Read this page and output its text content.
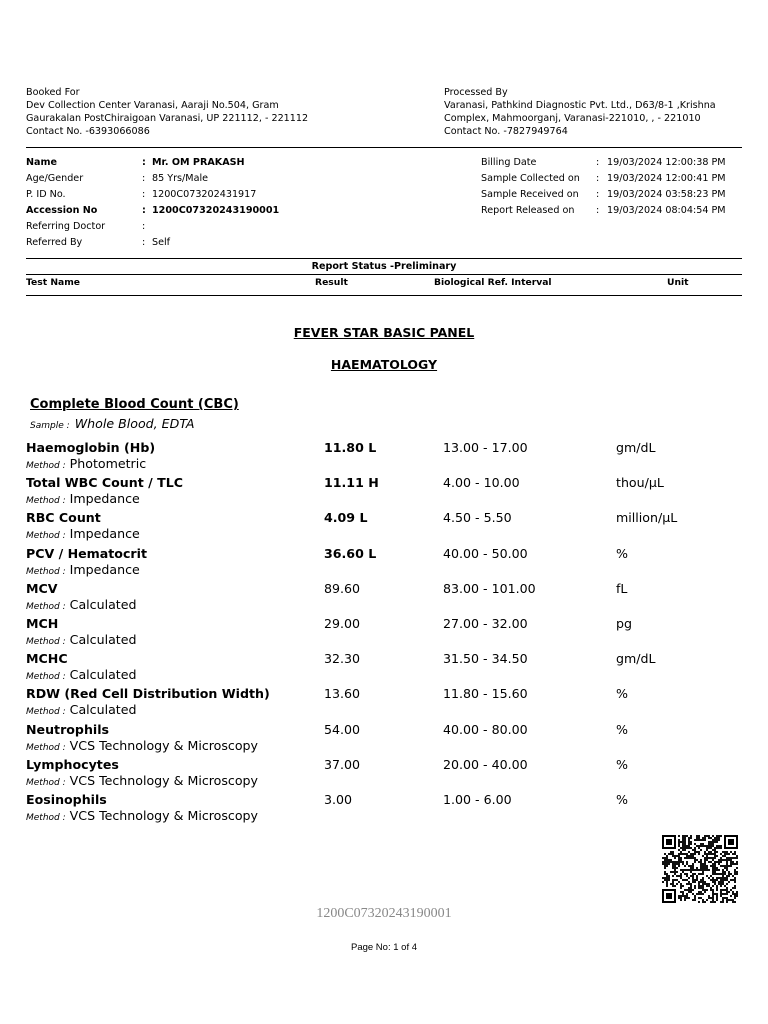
Booked For
Dev Collection Center Varanasi, Aaraji No.504, Gram
Gaurakalan PostChiraigoan Varanasi, UP 221112, - 221112
Contact No. -6393066086
Processed By
Varanasi, Pathkind Diagnostic Pvt. Ltd., D63/8-1 ,Krishna
Complex, Mahmoorganj, Varanasi-221010, , - 221010
Contact No. -7827949764
Name	: Mr. OM PRAKASH
Age/Gender	: 85 Yrs/Male
P. ID No.	: 1200C073202431917
Accession No	: 1200C07320243190001
Referring Doctor	:
Referred By	: Self
Billing Date	: 19/03/2024 12:00:38 PM
Sample Collected on : 19/03/2024 12:00:41 PM
Sample Received on : 19/03/2024 03:58:23 PM
Report Released on : 19/03/2024 08:04:54 PM
Report Status -Preliminary
Test Name	Result	Biological Ref. Interval	Unit
FEVER STAR BASIC PANEL
HAEMATOLOGY
Complete Blood Count (CBC)
Sample : Whole Blood, EDTA
Haemoglobin (Hb)	11.80 L	13.00 - 17.00	gm/dL
Method : Photometric
Total WBC Count / TLC	11.11 H	4.00 - 10.00	thou/µL
Method : Impedance
RBC Count	4.09 L	4.50 - 5.50	million/µL
Method : Impedance
PCV / Hematocrit	36.60 L	40.00 - 50.00	%
Method : Impedance
MCV	89.60	83.00 - 101.00	fL
Method : Calculated
MCH	29.00	27.00 - 32.00	pg
Method : Calculated
MCHC	32.30	31.50 - 34.50	gm/dL
Method : Calculated
RDW (Red Cell Distribution Width)	13.60	11.80 - 15.60	%
Method : Calculated
Neutrophils	54.00	40.00 - 80.00	%
Method : VCS Technology & Microscopy
Lymphocytes	37.00	20.00 - 40.00	%
Method : VCS Technology & Microscopy
Eosinophils	3.00	1.00 - 6.00	%
Method : VCS Technology & Microscopy
1200C07320243190001
Page No: 1 of 4
